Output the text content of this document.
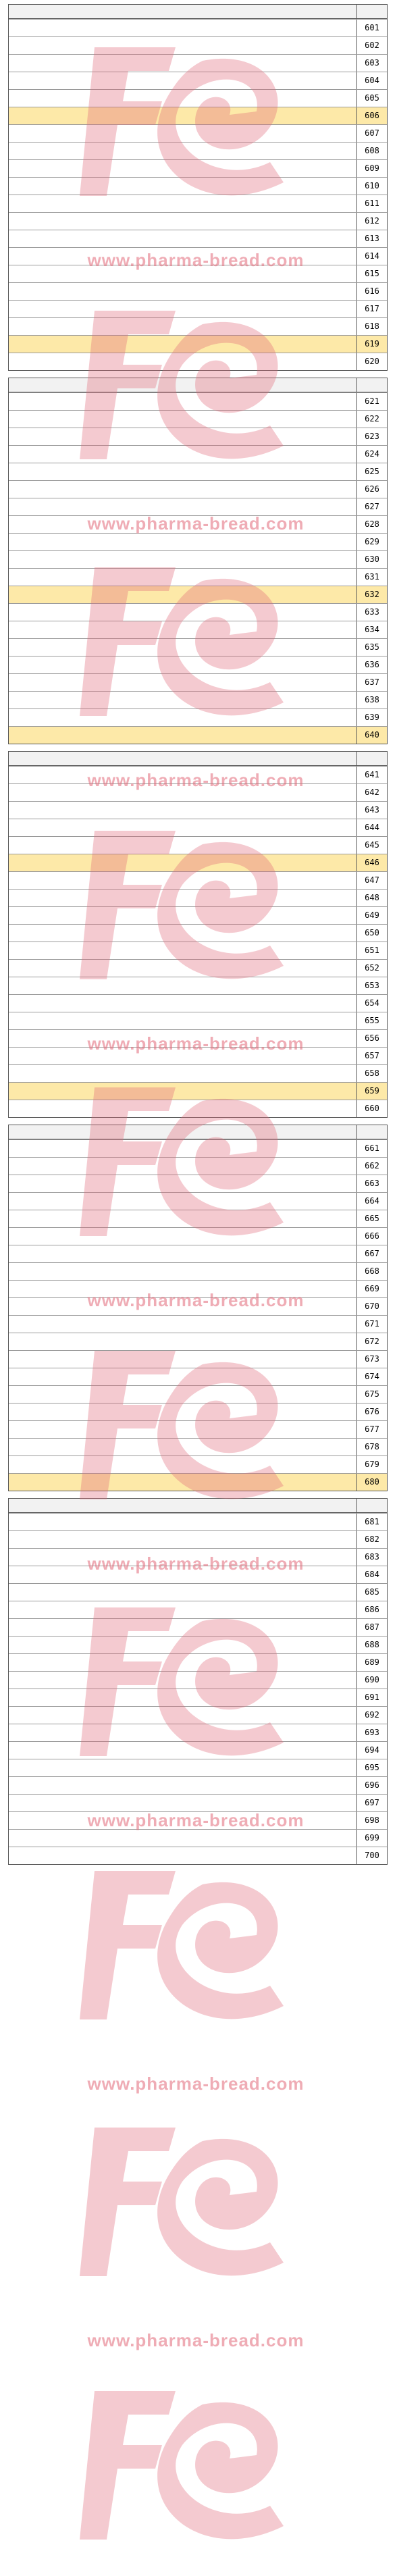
601
602
603
604
605
606
607
608
609
610
611
612
613
614
615
616
617
618
619
620
621
622
623
624
625
626
627
628
629
630
631
632
633
634
635
636
637
638
639
640
641
642
643
644
645
646
647
648
649
650
651
652
653
654
655
656
657
658
659
660
661
662
663
664
665
666
667
668
669
670
671
672
673
674
675
676
677
678
679
680
681
682
683
684
685
686
687
688
689
690
691
692
693
694
695
696
697
698
699
700
www.pharma-bread.com
www.pharma-bread.com
www.pharma-bread.com
www.pharma-bread.com
www.pharma-bread.com
www.pharma-bread.com
www.pharma-bread.com
www.pharma-bread.com
www.pharma-bread.com
